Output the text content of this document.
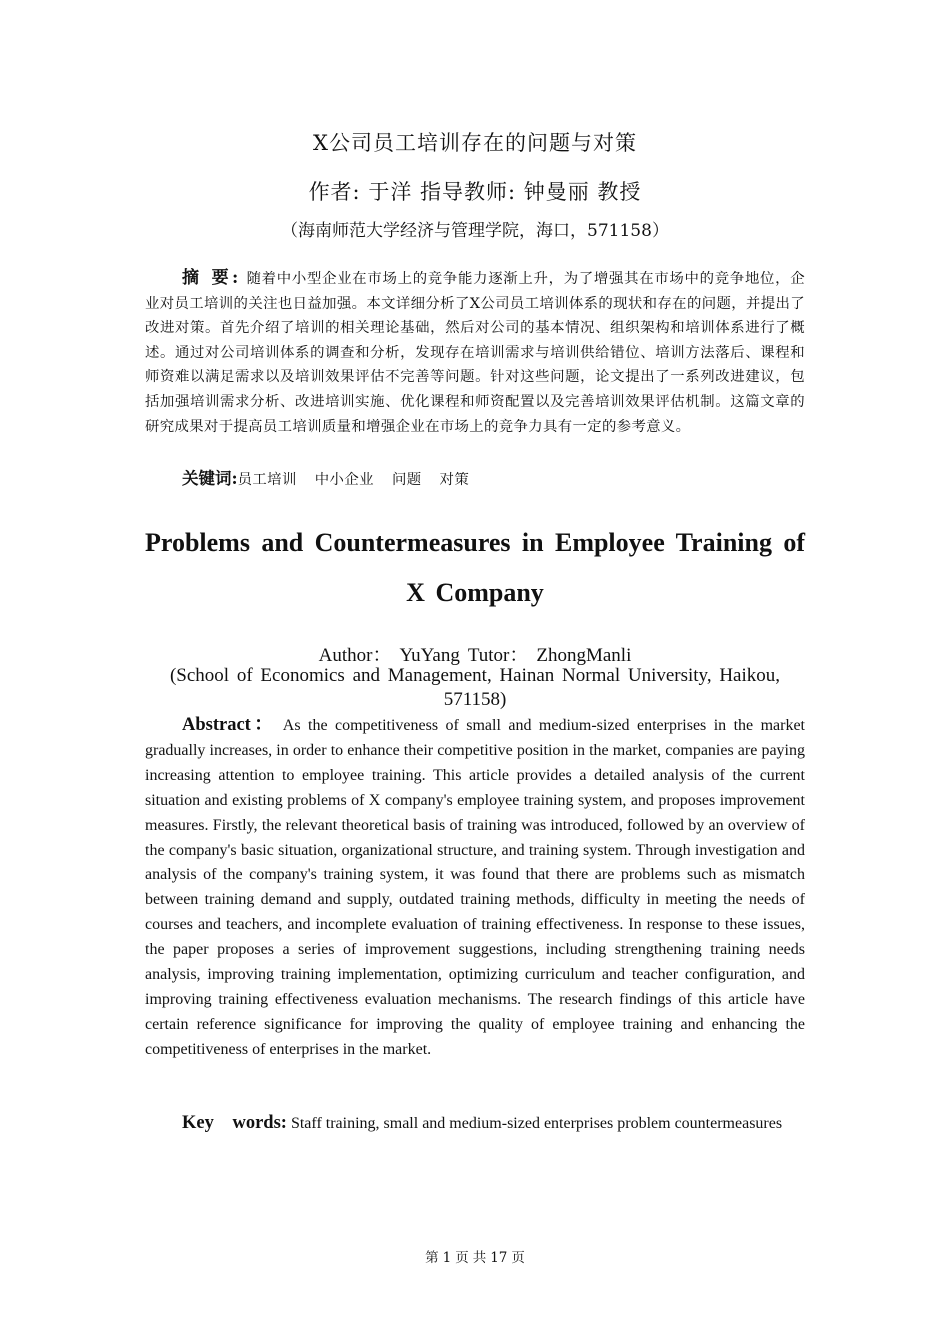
X公司员工培训存在的问题与对策
作者: 于洋 指导教师: 钟曼丽 教授
（海南师范大学经济与管理学院，海口，571158）
摘 要: 随着中小型企业在市场上的竞争能力逐渐上升，为了增强其在市场中的竞争地位，企业对员工培训的关注也日益加强。本文详细分析了X公司员工培训体系的现状和存在的问题，并提出了改进对策。首先介绍了培训的相关理论基础，然后对公司的基本情况、组织架构和培训体系进行了概述。通过对公司培训体系的调查和分析，发现存在培训需求与培训供给错位、培训方法落后、课程和师资难以满足需求以及培训效果评估不完善等问题。针对这些问题，论文提出了一系列改进建议，包括加强培训需求分析、改进培训实施、优化课程和师资配置以及完善培训效果评估机制。这篇文章的研究成果对于提高员工培训质量和增强企业在市场上的竞争力具有一定的参考意义。
关键词:员工培训 中小企业 问题 对策
Problems and Countermeasures in Employee Training of X Company
Author： YuYang Tutor： ZhongManli
(School of Economics and Management, Hainan Normal University, Haikou, 571158)
Abstract： As the competitiveness of small and medium-sized enterprises in the market gradually increases, in order to enhance their competitive position in the market, companies are paying increasing attention to employee training. This article provides a detailed analysis of the current situation and existing problems of X company's employee training system, and proposes improvement measures. Firstly, the relevant theoretical basis of training was introduced, followed by an overview of the company's basic situation, organizational structure, and training system. Through investigation and analysis of the company's training system, it was found that there are problems such as mismatch between training demand and supply, outdated training methods, difficulty in meeting the needs of courses and teachers, and incomplete evaluation of training effectiveness. In response to these issues, the paper proposes a series of improvement suggestions, including strengthening training needs analysis, improving training implementation, optimizing curriculum and teacher configuration, and improving training effectiveness evaluation mechanisms. The research findings of this article have certain reference significance for improving the quality of employee training and enhancing the competitiveness of enterprises in the market.
Key words: Staff training, small and medium-sized enterprises problem countermeasures
第 1 页 共 17 页
